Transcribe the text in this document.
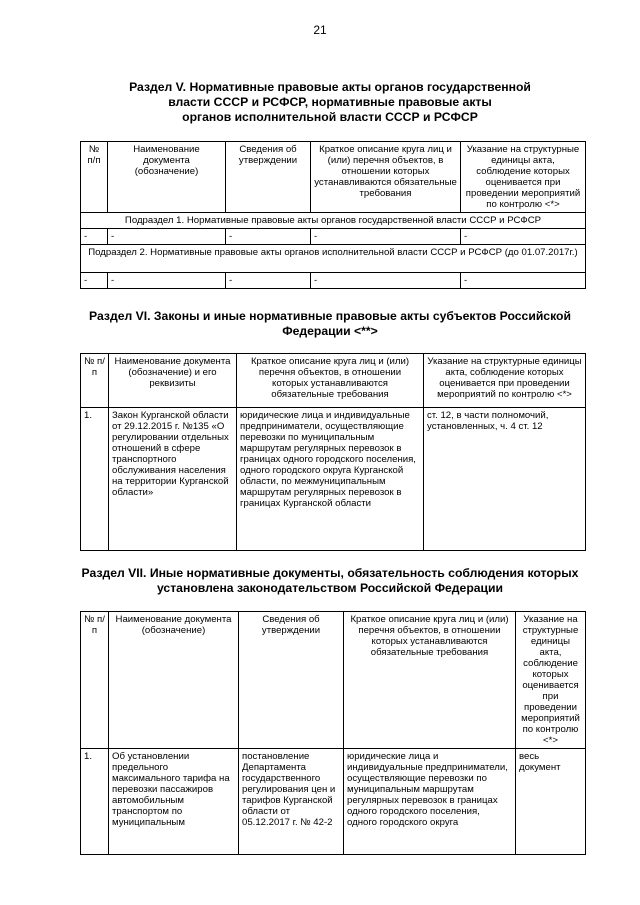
21
Раздел V. Нормативные правовые акты органов государственной
власти СССР и РСФСР, нормативные правовые акты
органов исполнительной власти СССР и РСФСР
№ п/п	Наименование документа (обозначение)	Сведения об утверждении	Краткое описание круга лиц и (или) перечня объектов, в отношении которых устанавливаются обязательные требования	Указание на структурные единицы акта, соблюдение которых оценивается при проведении мероприятий по контролю <*>
Подраздел 1. Нормативные правовые акты органов государственной власти СССР и РСФСР				
-	-	-	-	-
Подраздел 2. Нормативные правовые акты органов исполнительной власти СССР и РСФСР (до 01.07.2017г.)				
-	-	-	-	-
Раздел VI. Законы и иные нормативные правовые акты субъектов Российской
Федерации <**>
№ п/п	Наименование документа (обозначение) и его реквизиты	Краткое описание круга лиц и (или) перечня объектов, в отношении которых устанавливаются обязательные требования	Указание на структурные единицы акта, соблюдение которых оценивается при проведении мероприятий по контролю <*>
1.	Закон Курганской области от 29.12.2015 г. №135 «О регулировании отдельных отношений в сфере транспортного обслуживания населения на территории Курганской области»	юридические лица и индивидуальные предприниматели, осуществляющие перевозки по муниципальным маршрутам регулярных перевозок в границах одного городского поселения, одного городского округа Курганской области, по межмуниципальным маршрутам регулярных перевозок в границах Курганской области	ст. 12, в части полномочий, установленных, ч. 4 ст. 12
Раздел VII. Иные нормативные документы, обязательность соблюдения которых
установлена законодательством Российской Федерации
№ п/п	Наименование документа (обозначение)	Сведения об утверждении	Краткое описание круга лиц и (или) перечня объектов, в отношении которых устанавливаются обязательные требования	Указание на структурные единицы акта, соблюдение которых оценивается при проведении мероприятий по контролю <*>
1.	Об установлении предельного максимального тарифа на перевозки пассажиров автомобильным транспортом по муниципальным	постановление Департамента государственного регулирования цен и тарифов Курганской области от 05.12.2017 г. № 42-2	юридические лица и индивидуальные предприниматели, осуществляющие перевозки по муниципальным маршрутам регулярных перевозок в границах одного городского поселения, одного городского округа	весь документ
